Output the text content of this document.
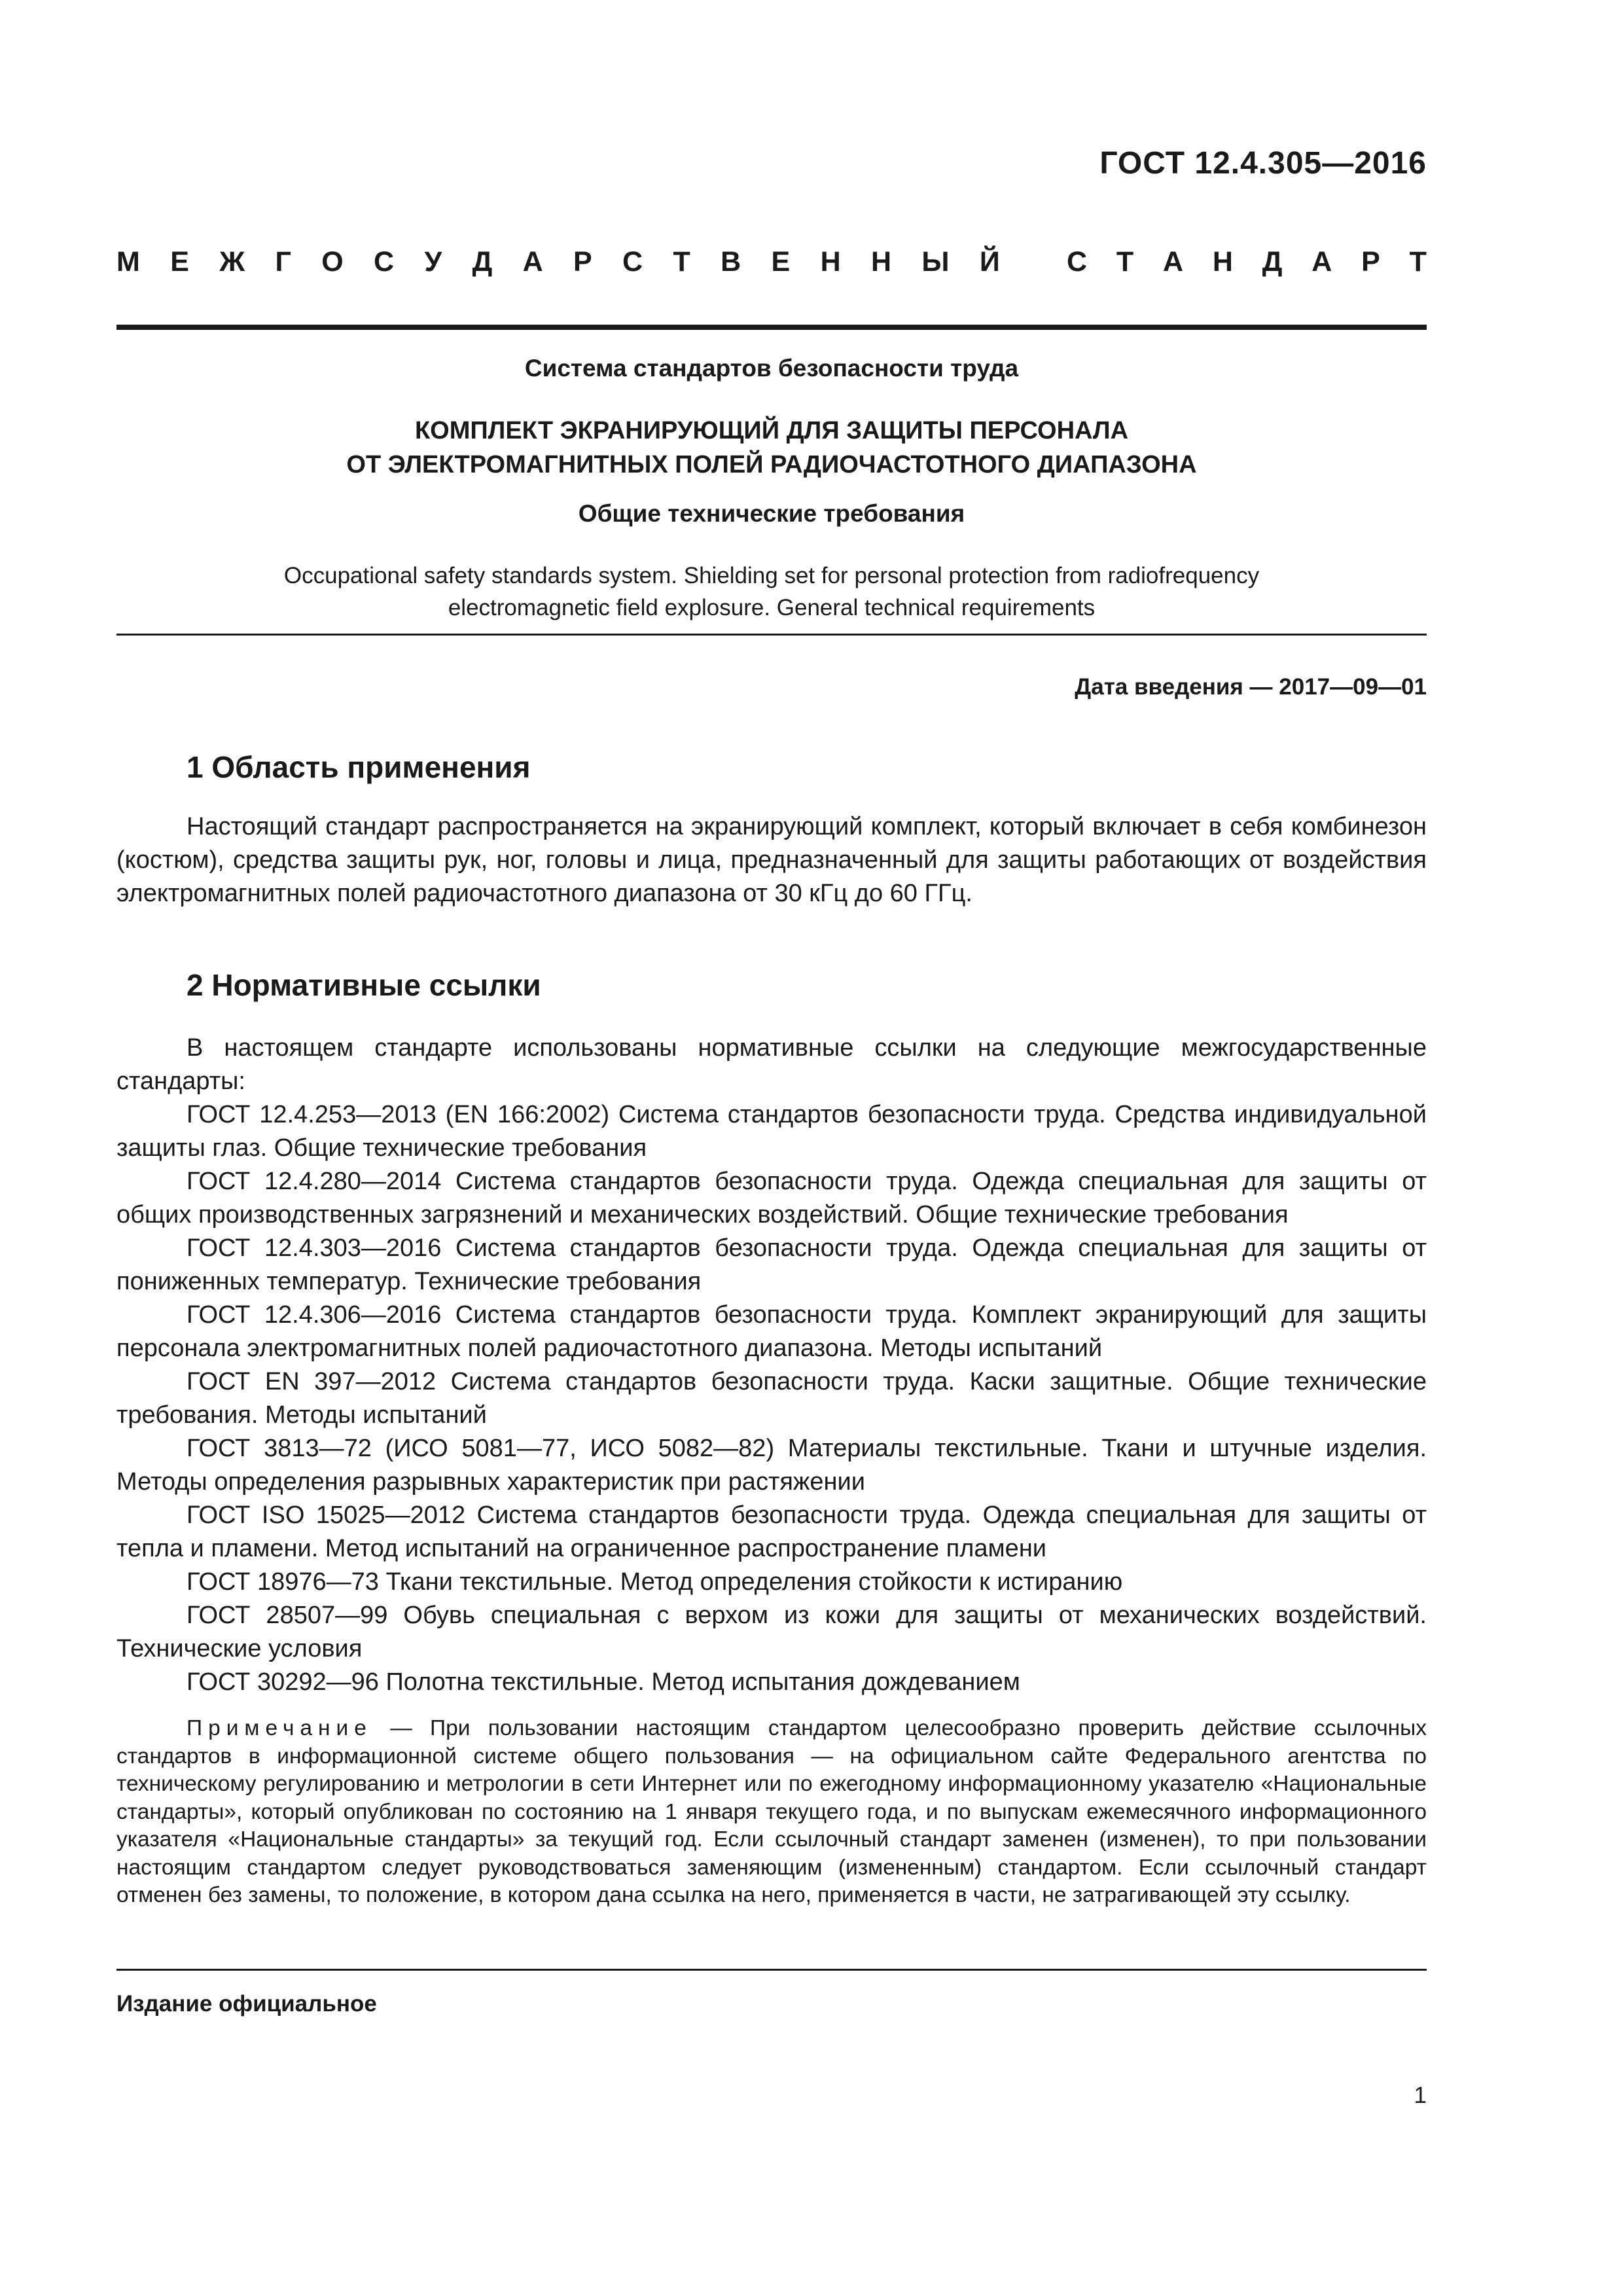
ГОСТ 12.4.305—2016
М Е Ж Г О С У Д А Р С Т В Е Н Н Ы Й С Т А Н Д А Р Т
Система стандартов безопасности труда
КОМПЛЕКТ ЭКРАНИРУЮЩИЙ ДЛЯ ЗАЩИТЫ ПЕРСОНАЛА
ОТ ЭЛЕКТРОМАГНИТНЫХ ПОЛЕЙ РАДИОЧАСТОТНОГО ДИАПАЗОНА
Общие технические требования
Occupational safety standards system. Shielding set for personal protection from radiofrequency
electromagnetic field explosure. General technical requirements
Дата введения — 2017—09—01
1 Область применения

Настоящий стандарт распространяется на экранирующий комплект, который включает в себя комбинезон (костюм), средства защиты рук, ног, головы и лица, предназначенный для защиты работающих от воздействия электромагнитных полей радиочастотного диапазона от 30 кГц до 60 ГГц.

2 Нормативные ссылки

В настоящем стандарте использованы нормативные ссылки на следующие межгосударственные стандарты:

ГОСТ 12.4.253—2013 (EN 166:2002) Система стандартов безопасности труда. Средства индивидуальной защиты глаз. Общие технические требования

ГОСТ 12.4.280—2014 Система стандартов безопасности труда. Одежда специальная для защиты от общих производственных загрязнений и механических воздействий. Общие технические требования

ГОСТ 12.4.303—2016 Система стандартов безопасности труда. Одежда специальная для защиты от пониженных температур. Технические требования

ГОСТ 12.4.306—2016 Система стандартов безопасности труда. Комплект экранирующий для защиты персонала электромагнитных полей радиочастотного диапазона. Методы испытаний

ГОСТ EN 397—2012 Система стандартов безопасности труда. Каски защитные. Общие технические требования. Методы испытаний

ГОСТ 3813—72 (ИСО 5081—77, ИСО 5082—82) Материалы текстильные. Ткани и штучные изделия. Методы определения разрывных характеристик при растяжении

ГОСТ ISO 15025—2012 Система стандартов безопасности труда. Одежда специальная для защиты от тепла и пламени. Метод испытаний на ограниченное распространение пламени

ГОСТ 18976—73 Ткани текстильные. Метод определения стойкости к истиранию

ГОСТ 28507—99 Обувь специальная с верхом из кожи для защиты от механических воздействий. Технические условия

ГОСТ 30292—96 Полотна текстильные. Метод испытания дождеванием

Примечание — При пользовании настоящим стандартом целесообразно проверить действие ссылочных стандартов в информационной системе общего пользования — на официальном сайте Федерального агентства по техническому регулированию и метрологии в сети Интернет или по ежегодному информационному указателю «Национальные стандарты», который опубликован по состоянию на 1 января текущего года, и по выпускам ежемесячного информационного указателя «Национальные стандарты» за текущий год. Если ссылочный стандарт заменен (изменен), то при пользовании настоящим стандартом следует руководствоваться заменяющим (измененным) стандартом. Если ссылочный стандарт отменен без замены, то положение, в котором дана ссылка на него, применяется в части, не затрагивающей эту ссылку.

Издание официальное
1
